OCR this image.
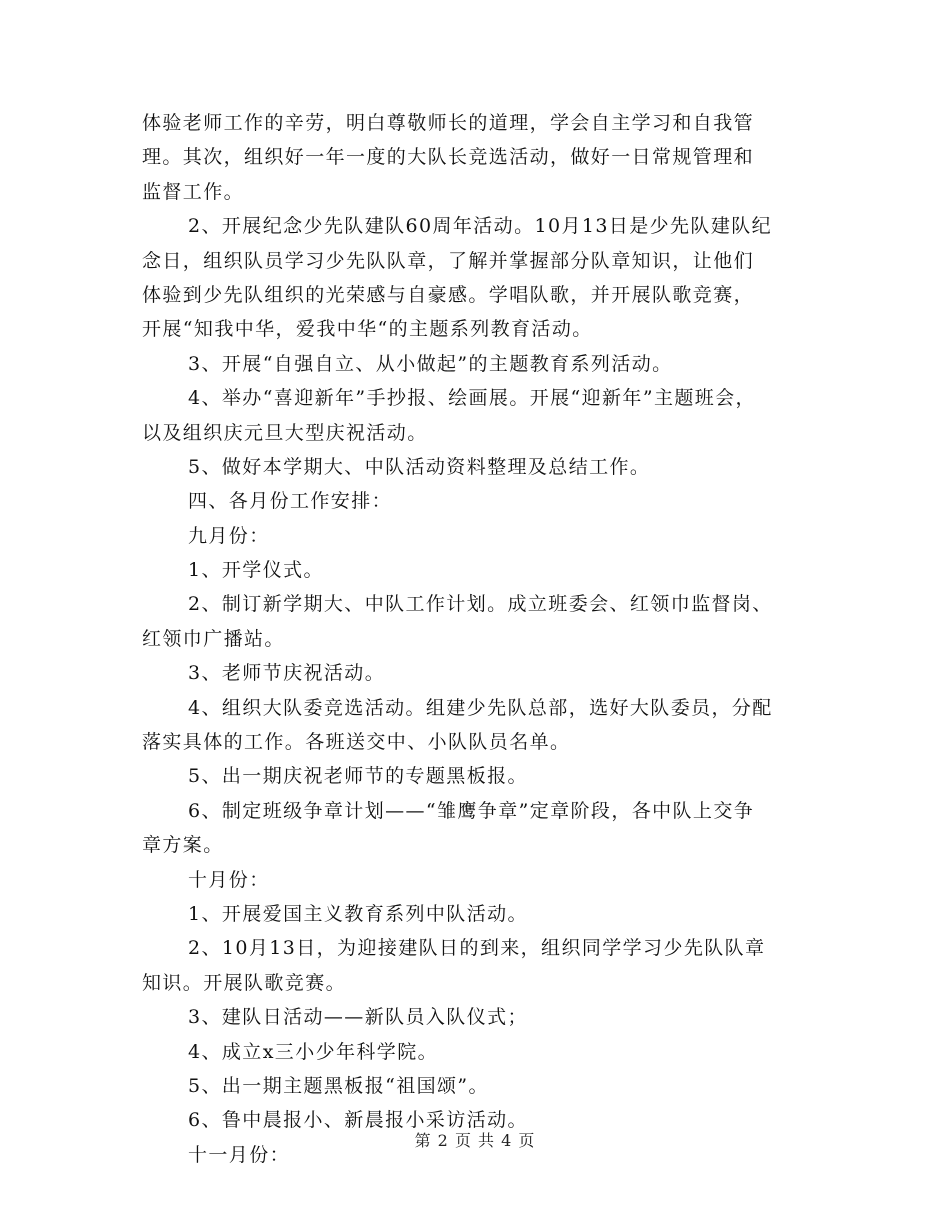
体验老师工作的辛劳，明白尊敬师长的道理，学会自主学习和自我管
理。其次，组织好一年一度的大队长竞选活动，做好一日常规管理和
监督工作。
2、开展纪念少先队建队60周年活动。10月13日是少先队建队纪
念日，组织队员学习少先队队章，了解并掌握部分队章知识，让他们
体验到少先队组织的光荣感与自豪感。学唱队歌，并开展队歌竞赛，
开展“知我中华，爱我中华“的主题系列教育活动。
3、开展“自强自立、从小做起”的主题教育系列活动。
4、举办“喜迎新年”手抄报、绘画展。开展“迎新年”主题班会，
以及组织庆元旦大型庆祝活动。
5、做好本学期大、中队活动资料整理及总结工作。
四、各月份工作安排：
九月份：
1、开学仪式。
2、制订新学期大、中队工作计划。成立班委会、红领巾监督岗、
红领巾广播站。
3、老师节庆祝活动。
4、组织大队委竞选活动。组建少先队总部，选好大队委员，分配
落实具体的工作。各班送交中、小队队员名单。
5、出一期庆祝老师节的专题黑板报。
6、制定班级争章计划——“雏鹰争章”定章阶段，各中队上交争
章方案。
十月份：
1、开展爱国主义教育系列中队活动。
2、10月13日，为迎接建队日的到来，组织同学学习少先队队章
知识。开展队歌竞赛。
3、建队日活动——新队员入队仪式；
4、成立x三小少年科学院。
5、出一期主题黑板报“祖国颂”。
6、鲁中晨报小、新晨报小采访活动。
十一月份：
第 2 页 共 4 页
